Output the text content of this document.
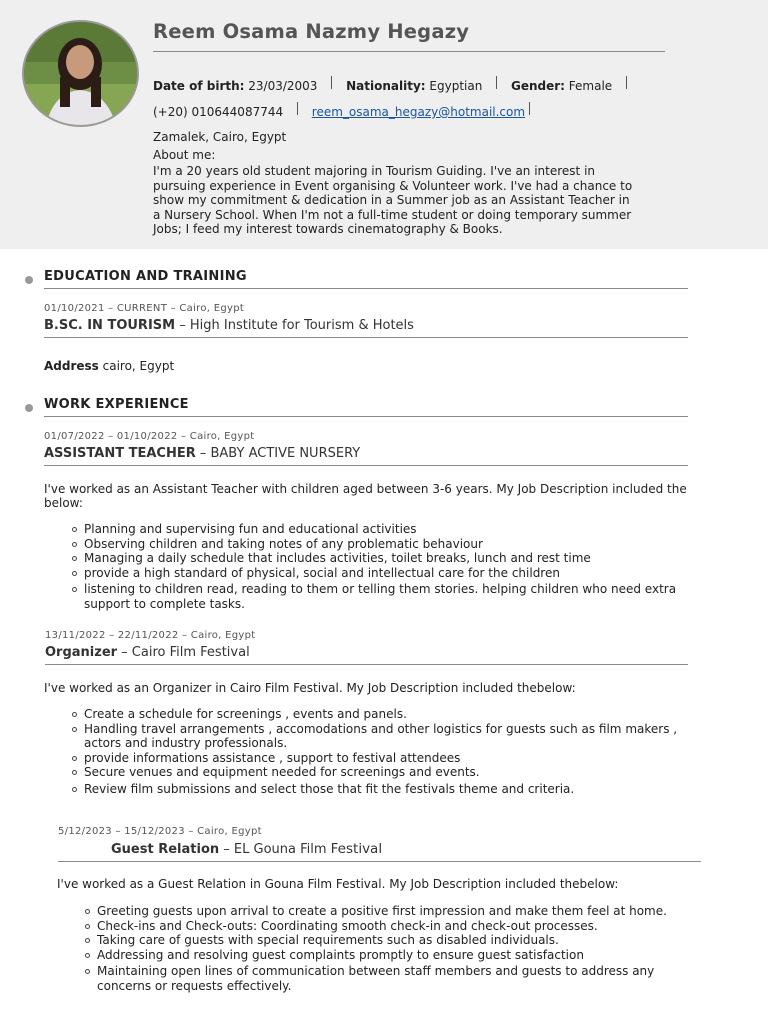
Reem Osama Nazmy Hegazy
Date of birth: 23/03/2003 Nationality: Egyptian Gender: Female
(+20) 010644087744 reem_osama_hegazy@hotmail.com
Zamalek, Cairo, Egypt
About me:
I'm a 20 years old student majoring in Tourism Guiding. I've an interest in pursuing experience in Event organising & Volunteer work. I've had a chance to show my commitment & dedication in a Summer job as an Assistant Teacher in a Nursery School. When I'm not a full-time student or doing temporary summer Jobs; I feed my interest towards cinematography & Books.
EDUCATION AND TRAINING
01/10/2021 – CURRENT – Cairo, Egypt
B.SC. IN TOURISM – High Institute for Tourism & Hotels
Address cairo, Egypt
WORK EXPERIENCE
01/07/2022 – 01/10/2022 – Cairo, Egypt
ASSISTANT TEACHER – BABY ACTIVE NURSERY
I've worked as an Assistant Teacher with children aged between 3-6 years. My Job Description included the below:
Planning and supervising fun and educational activities
Observing children and taking notes of any problematic behaviour
Managing a daily schedule that includes activities, toilet breaks, lunch and rest time
provide a high standard of physical, social and intellectual care for the children
listening to children read, reading to them or telling them stories. helping children who need extra support to complete tasks.
13/11/2022 – 22/11/2022 – Cairo, Egypt
Organizer – Cairo Film Festival
I've worked as an Organizer in Cairo Film Festival. My Job Description included thebelow:
Create a schedule for screenings , events and panels.
Handling travel arrangements , accomodations and other logistics for guests such as film makers , actors and industry professionals.
provide informations assistance , support to festival attendees
Secure venues and equipment needed for screenings and events.
Review film submissions and select those that fit the festivals theme and criteria.
5/12/2023 – 15/12/2023 – Cairo, Egypt
Guest Relation – EL Gouna Film Festival
I've worked as a Guest Relation in Gouna Film Festival. My Job Description included thebelow:
Greeting guests upon arrival to create a positive first impression and make them feel at home.
Check-ins and Check-outs: Coordinating smooth check-in and check-out processes.
Taking care of guests with special requirements such as disabled individuals.
Addressing and resolving guest complaints promptly to ensure guest satisfaction
Maintaining open lines of communication between staff members and guests to address any concerns or requests effectively.
